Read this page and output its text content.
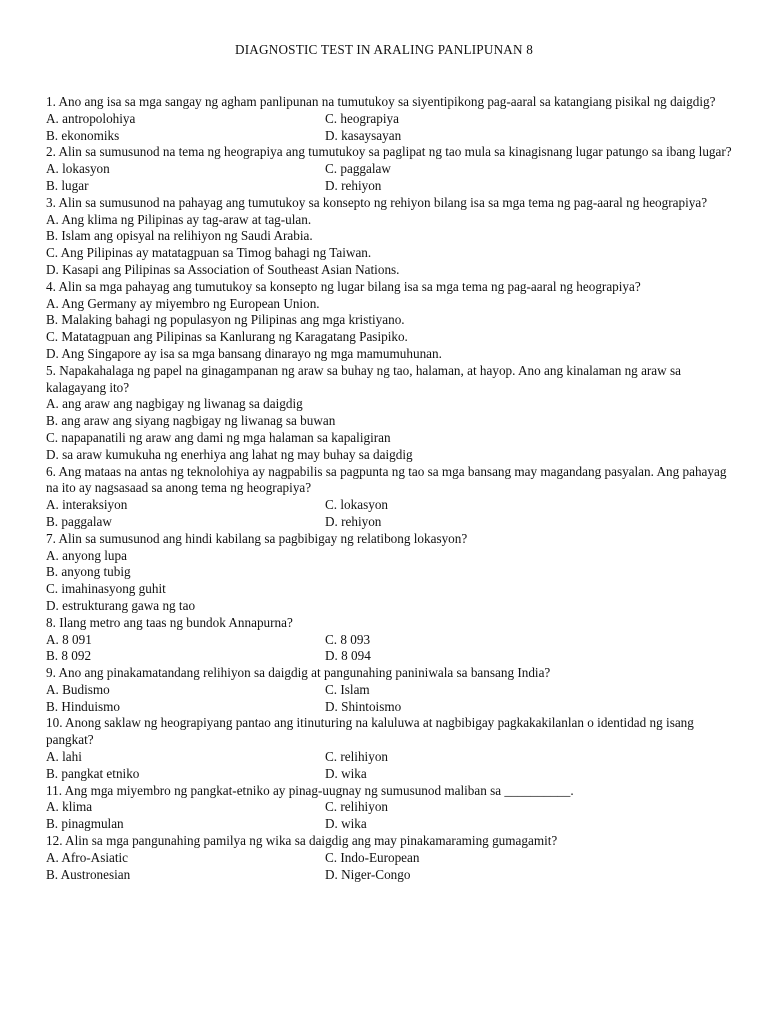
DIAGNOSTIC TEST IN ARALING PANLIPUNAN 8
1. Ano ang isa sa mga sangay ng agham panlipunan na tumutukoy sa siyentipikong pag-aaral sa katangiang pisikal ng daigdig?
A. antropolohiya	C. heograpiya
B. ekonomiks	D. kasaysayan
2. Alin sa sumusunod na tema ng heograpiya ang tumutukoy sa paglipat ng tao mula sa kinagisnang lugar patungo sa ibang lugar?
A. lokasyon	C. paggalaw
B. lugar	D. rehiyon
3. Alin sa sumusunod na pahayag ang tumutukoy sa konsepto ng rehiyon bilang isa sa mga tema ng pag-aaral ng heograpiya?
A. Ang klima ng Pilipinas ay tag-araw at tag-ulan.
B. Islam ang opisyal na relihiyon ng Saudi Arabia.
C. Ang Pilipinas ay matatagpuan sa Timog bahagi ng Taiwan.
D. Kasapi ang Pilipinas sa Association of Southeast Asian Nations.
4. Alin sa mga pahayag ang tumutukoy sa konsepto ng lugar bilang isa sa mga tema ng pag-aaral ng heograpiya?
A. Ang Germany ay miyembro ng European Union.
B. Malaking bahagi ng populasyon ng Pilipinas ang mga kristiyano.
C. Matatagpuan ang Pilipinas sa Kanlurang ng Karagatang Pasipiko.
D. Ang Singapore ay isa sa mga bansang dinarayo ng mga mamumuhunan.
5. Napakahalaga ng papel na ginagampanan ng araw sa buhay ng tao, halaman, at hayop. Ano ang kinalaman ng araw sa kalagayang ito?
A. ang araw ang nagbigay ng liwanag sa daigdig
B. ang araw ang siyang nagbigay ng liwanag sa buwan
C. napapanatili ng araw ang dami ng mga halaman sa kapaligiran
D. sa araw kumukuha ng enerhiya ang lahat ng may buhay sa daigdig
6. Ang mataas na antas ng teknolohiya ay nagpabilis sa pagpunta ng tao sa mga bansang may magandang pasyalan. Ang pahayag na ito ay nagsasaad sa anong tema ng heograpiya?
A. interaksiyon	C. lokasyon
B. paggalaw	D. rehiyon
7. Alin sa sumusunod ang hindi kabilang sa pagbibigay ng relatibong lokasyon?
A. anyong lupa
B. anyong tubig
C. imahinasyong guhit
D. estrukturang gawa ng tao
8. Ilang metro ang taas ng bundok Annapurna?
A. 8 091	C. 8 093
B. 8 092	D. 8 094
9. Ano ang pinakamatandang relihiyon sa daigdig at pangunahing paniniwala sa bansang India?
A. Budismo	C. Islam
B. Hinduismo	D. Shintoismo
10. Anong saklaw ng heograpiyang pantao ang itinuturing na kaluluwa at nagbibigay pagkakakilanlan o identidad ng isang pangkat?
A. lahi	C. relihiyon
B. pangkat etniko	D. wika
11. Ang mga miyembro ng pangkat-etniko ay pinag-uugnay ng sumusunod maliban sa __________.
A. klima	C. relihiyon
B. pinagmulan	D. wika
12. Alin sa mga pangunahing pamilya ng wika sa daigdig ang may pinakamaraming gumagamit?
A. Afro-Asiatic	C. Indo-European
B. Austronesian	D. Niger-Congo
